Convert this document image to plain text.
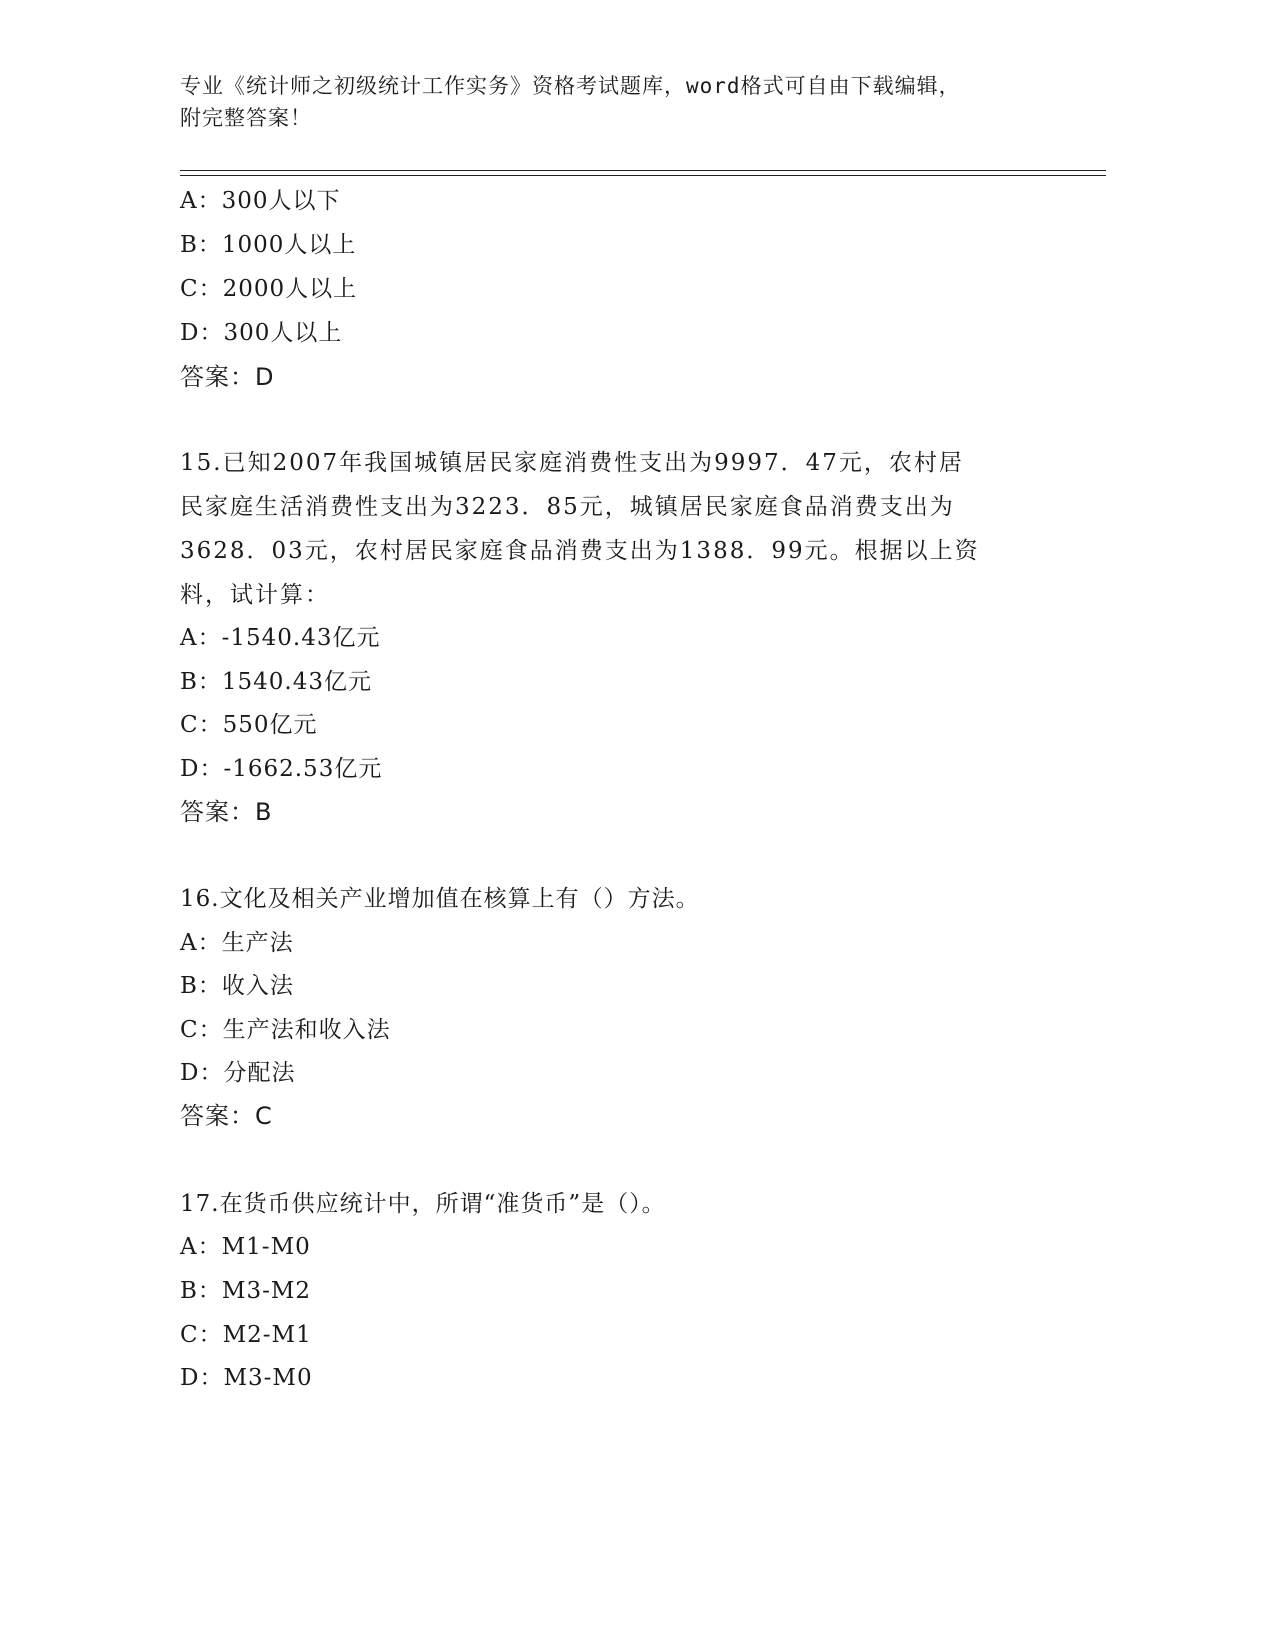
专业《统计师之初级统计工作实务》资格考试题库，word格式可自由下载编辑，
附完整答案！
A：300人以下
B：1000人以上
C：2000人以上
D：300人以上
答案：D
15.已知2007年我国城镇居民家庭消费性支出为9997．47元，农村居
民家庭生活消费性支出为3223．85元，城镇居民家庭食品消费支出为
3628．03元，农村居民家庭食品消费支出为1388．99元。根据以上资
料，试计算：
A：-1540.43亿元
B：1540.43亿元
C：550亿元
D：-1662.53亿元
答案：B
16.文化及相关产业增加值在核算上有（）方法。
A：生产法
B：收入法
C：生产法和收入法
D：分配法
答案：C
17.在货币供应统计中，所谓“准货币”是（）。
A：M1-M0
B：M3-M2
C：M2-M1
D：M3-M0
